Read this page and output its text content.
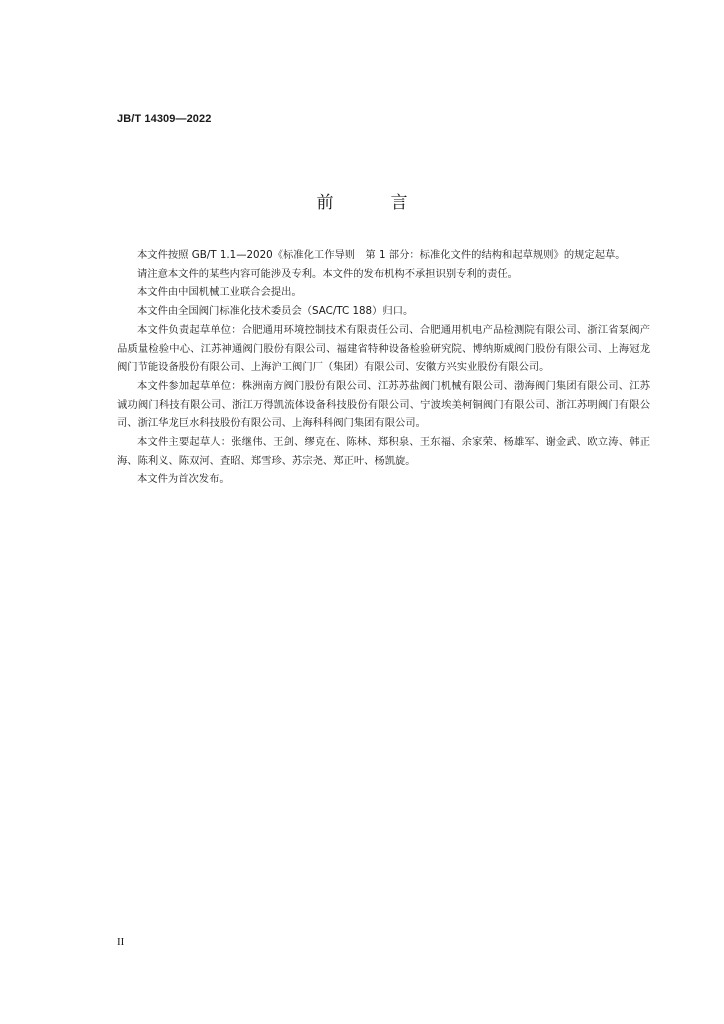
JB/T 14309—2022
前　言

本文件按照 GB/T 1.1—2020《标准化工作导则　第 1 部分：标准化文件的结构和起草规则》的规定起草。

请注意本文件的某些内容可能涉及专利。本文件的发布机构不承担识别专利的责任。

本文件由中国机械工业联合会提出。

本文件由全国阀门标准化技术委员会（SAC/TC 188）归口。

本文件负责起草单位：合肥通用环境控制技术有限责任公司、合肥通用机电产品检测院有限公司、浙江省泵阀产品质量检验中心、江苏神通阀门股份有限公司、福建省特种设备检验研究院、博纳斯威阀门股份有限公司、上海冠龙阀门节能设备股份有限公司、上海沪工阀门厂（集团）有限公司、安徽方兴实业股份有限公司。

本文件参加起草单位：株洲南方阀门股份有限公司、江苏苏盐阀门机械有限公司、渤海阀门集团有限公司、江苏诚功阀门科技有限公司、浙江万得凯流体设备科技股份有限公司、宁波埃美柯铜阀门有限公司、浙江苏明阀门有限公司、浙江华龙巨水科技股份有限公司、上海科科阀门集团有限公司。

本文件主要起草人：张继伟、王剑、缪克在、陈林、郑积泉、王东福、余家荣、杨雄军、谢金武、欧立涛、韩正海、陈利义、陈双河、査昭、郑雪珍、苏宗尧、郑正叶、杨凯旋。

本文件为首次发布。

II
